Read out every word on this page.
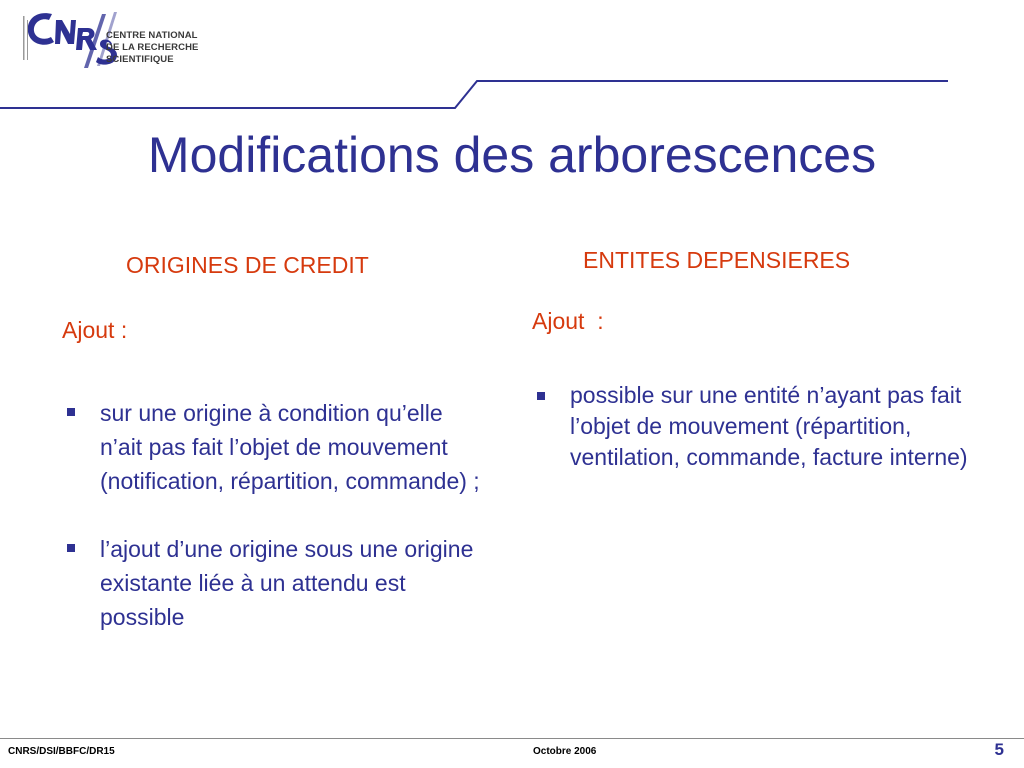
CENTRE NATIONAL
DE LA RECHERCHE
SCIENTIFIQUE
Modifications des arborescences
ORIGINES DE CREDIT
Ajout :
sur une origine à condition qu’elle n’ait pas fait l’objet de mouvement (notification, répartition, commande) ;
l’ajout d’une origine sous une origine existante liée à un attendu est possible
ENTITES DEPENSIERES
Ajout  :
possible sur une entité n’ayant pas fait l’objet de mouvement (répartition, ventilation, commande, facture interne)
CNRS/DSI/BBFC/DR15	Octobre 2006	5
